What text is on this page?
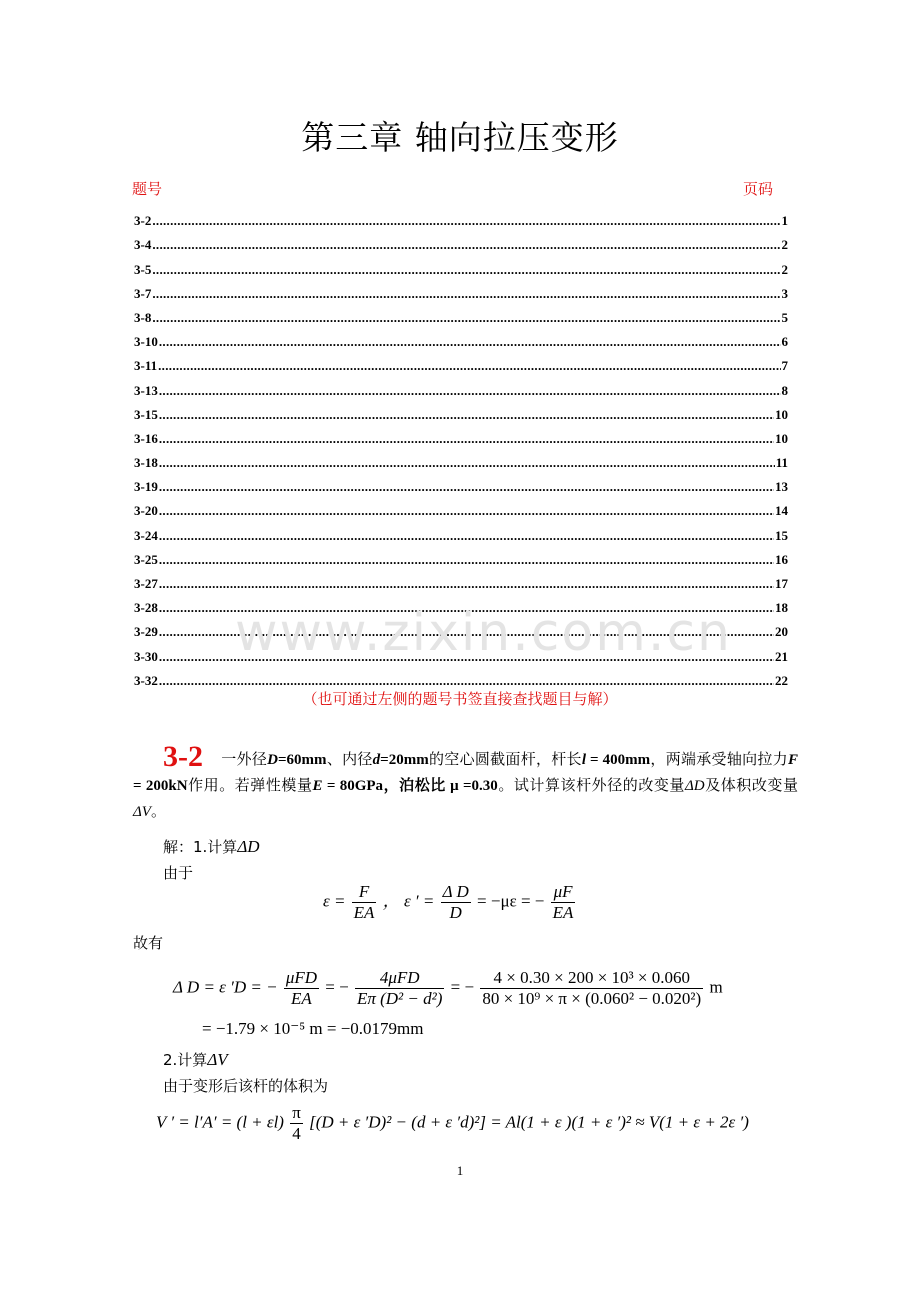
第三章 轴向拉压变形
题号	页码
3-2 .....	1
3-4 .....	2
3-5 .....	2
3-7 .....	3
3-8 .....	5
3-10 .....	6
3-11 .....	7
3-13 .....	8
3-15 .....	10
3-16 .....	10
3-18 .....	11
3-19 .....	13
3-20 .....	14
3-24 .....	15
3-25 .....	16
3-27 .....	17
3-28 .....	18
3-29 .....	20
3-30 .....	21
3-32 .....	22
www.zixin.com.cn
（也可通过左侧的题号书签直接查找题目与解）
3-2 一外径D=60mm、内径d=20mm的空心圆截面杆，杆长l = 400mm，两端承受轴向拉力F = 200kN作用。若弹性模量E = 80GPa，泊松比 μ =0.30。试计算该杆外径的改变量ΔD及体积改变量ΔV。
解：1.计算ΔD
由于
$\varepsilon = \frac{F}{EA}$ ， ε ′ = $\frac{\text{Δ D}}{D} = -\mu\varepsilon$ = − $\frac{\mu F}{EA}$
故有
Δ D = ε ′D = − $\frac{\text{μFD}}{EA}$ = − $\frac{\text{4μFD}}{\text{Eπ (D² − d²)}}$ = − $\frac{\text{4 × 0.30 × 200 × 10³ × 0.060}}{\text{80 × 10⁹ × π × (0.060² − 0.020²)}}$ m
= −1.79 × 10⁻⁵ m = −0.0179mm
2.计算ΔV
由于变形后该杆的体积为
V ′ = $l'A' = (l + \varepsilon l) \frac{\pi}{4} [(D + \varepsilon$ ′D)² − (d + ε ′d)²] = Al(1 + ε )(1 + ε ′)² ≈ V(1 + ε + 2ε ′)
1
